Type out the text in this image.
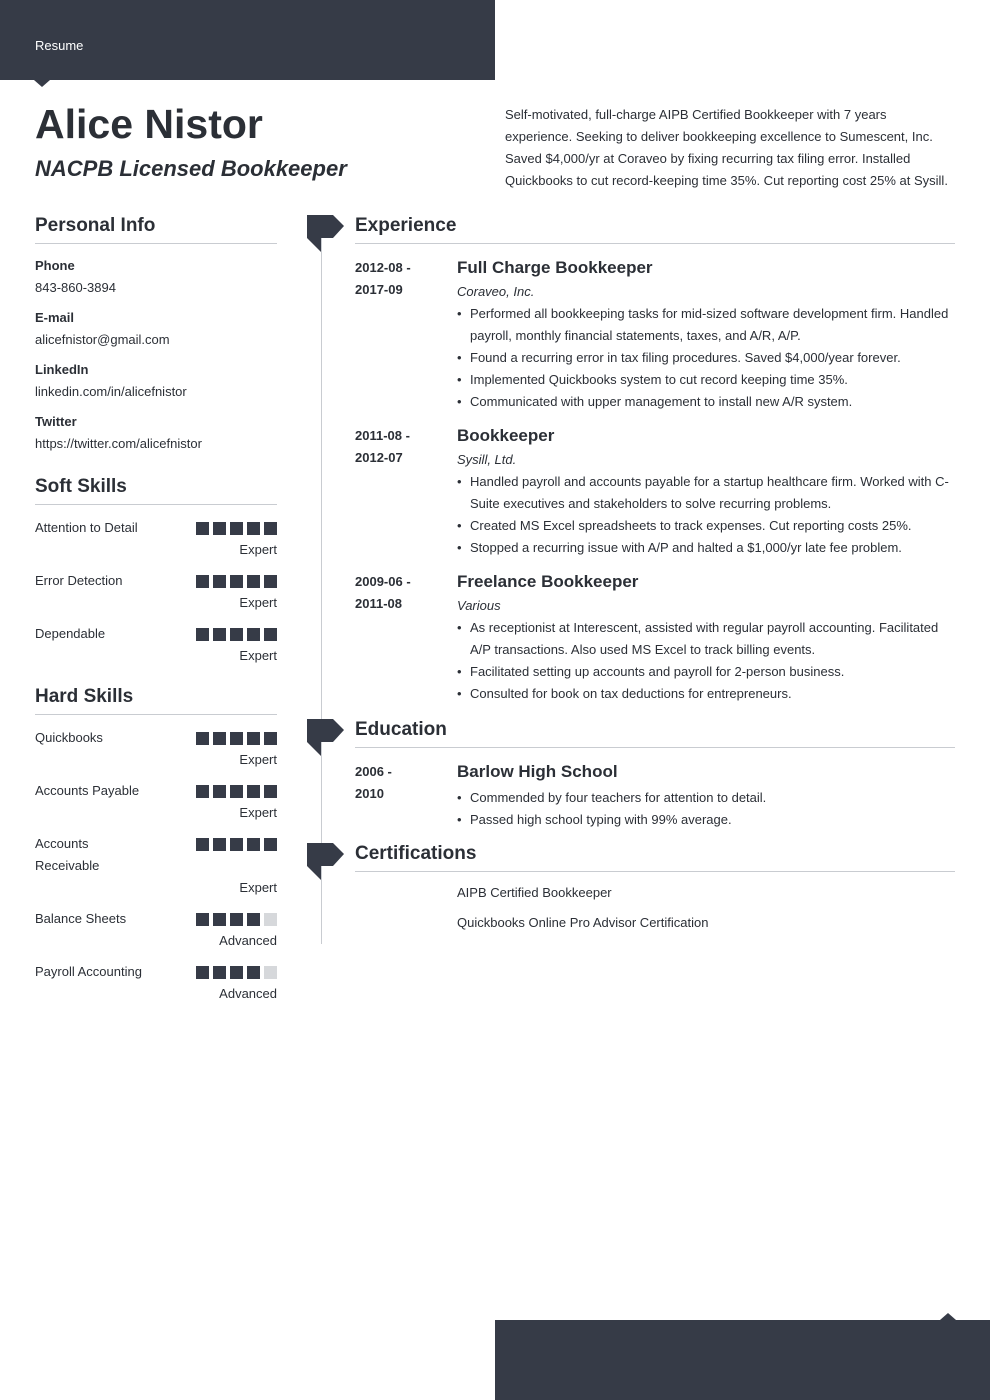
Resume
Alice Nistor
NACPB Licensed Bookkeeper

Self-motivated, full-charge AIPB Certified Bookkeeper with 7 years experience. Seeking to deliver bookkeeping excellence to Sumescent, Inc. Saved $4,000/yr at Coraveo by fixing recurring tax filing error. Installed Quickbooks to cut record-keeping time 35%. Cut reporting cost 25% at Sysill.

Personal Info
Phone
843-860-3894
E-mail
alicefnistor@gmail.com
LinkedIn
linkedin.com/in/alicefnistor
Twitter
https://twitter.com/alicefnistor
Soft Skills
Attention to Detail
Expert
Error Detection
Expert
Dependable
Expert
Hard Skills
Quickbooks
Expert
Accounts Payable
Expert
Accounts Receivable
Expert
Balance Sheets
Advanced
Payroll Accounting
Advanced
Experience
2012-08 -
2017-09
Full Charge Bookkeeper
Coraveo, Inc.
• Performed all bookkeeping tasks for mid-sized software development firm. Handled payroll, monthly financial statements, taxes, and A/R, A/P.
• Found a recurring error in tax filing procedures. Saved $4,000/year forever.
• Implemented Quickbooks system to cut record keeping time 35%.
• Communicated with upper management to install new A/R system.
2011-08 -
2012-07
Bookkeeper
Sysill, Ltd.
• Handled payroll and accounts payable for a startup healthcare firm. Worked with C-Suite executives and stakeholders to solve recurring problems.
• Created MS Excel spreadsheets to track expenses. Cut reporting costs 25%.
• Stopped a recurring issue with A/P and halted a $1,000/yr late fee problem.
2009-06 -
2011-08
Freelance Bookkeeper
Various
• As receptionist at Interescent, assisted with regular payroll accounting. Facilitated A/P transactions. Also used MS Excel to track billing events.
• Facilitated setting up accounts and payroll for 2-person business.
• Consulted for book on tax deductions for entrepreneurs.
Education
2006 -
2010
Barlow High School
• Commended by four teachers for attention to detail.
• Passed high school typing with 99% average.
Certifications
AIPB Certified Bookkeeper
Quickbooks Online Pro Advisor Certification
